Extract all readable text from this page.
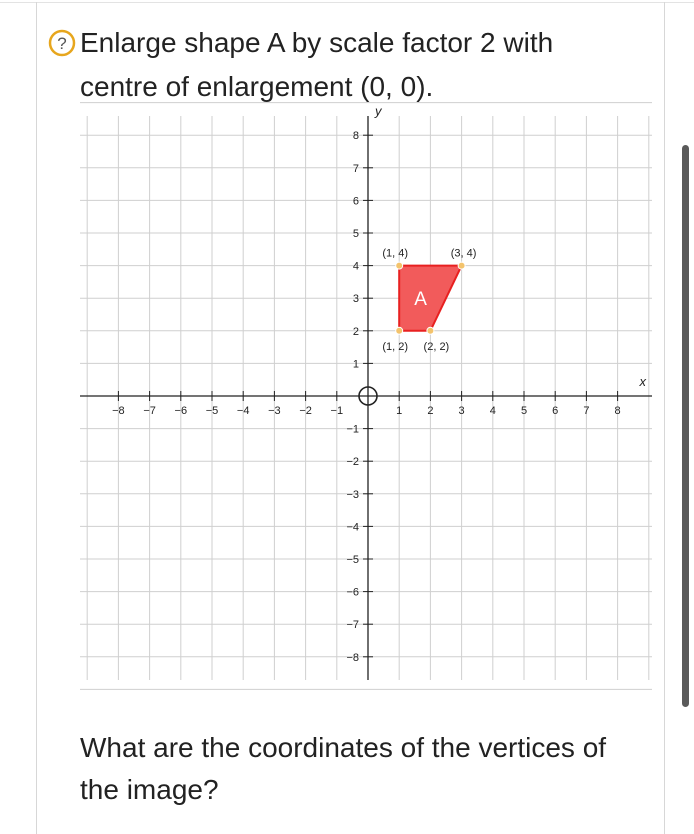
? Enlarge shape A by scale factor 2 with
centre of enlargement (0, 0).
x
y
−8 −7 −6 −5 −4 −3 −2 −1	1 2 3 4 5 6 7 8
8
7
6
5
4
3
2
1
−1
−2
−3
−4
−5
−6
−7
−8
A
(1, 4)	(3, 4)
(2, 2)
(1, 2)
What are the coordinates of the vertices of
the image?
